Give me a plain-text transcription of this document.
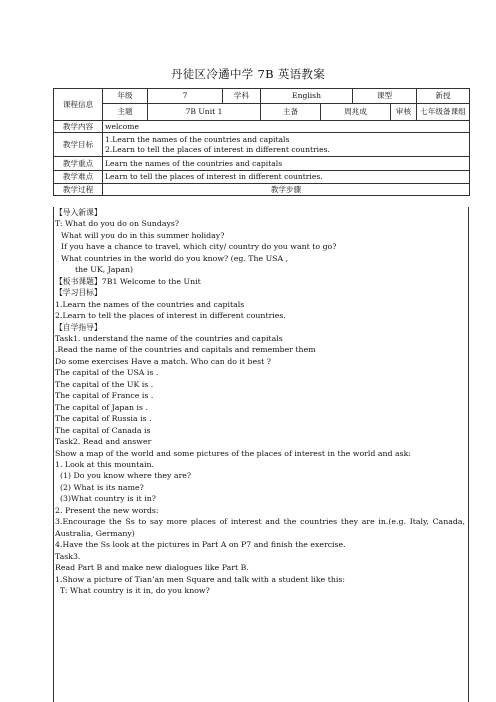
丹徒区冷遹中学 7B 英语教案
课程信息	年级	7	学科	English		课型		新授
	主题	7B Unit 1		主备	周兆成		审核	七年级备课组
教学内容	welcome							
教学目标	1.Learn the names of the countries and capitals
2.Learn to tell the places of interest in different countries.							

教学重点	Learn the names of the countries and capitals							
教学难点	Learn to tell the places of interest in different countries.							
教学过程	教学步骤							
【导入新课】
T: What do you do on Sundays?
What will you do in this summer holiday?
If you have a chance to travel, which city/ country do you want to go?
What countries in the world do you know? (eg. The USA ,
the UK, Japan)
【板书课题】7B1 Welcome to the Unit
【学习目标】
1.Learn the names of the countries and capitals
2.Learn to tell the places of interest in different countries.
【自学指导】
Task1. understand the name of the countries and capitals
.Read the name of the countries and capitals and remember them
Do some exercises Have a match. Who can do it best ?
The capital of the USA is .
The capital of the UK is .
The capital of France is .
The capital of Japan is .
The capital of Russia is .
The capital of Canada is
Task2. Read and answer
Show a map of the world and some pictures of the places of interest in the world and ask:
1. Look at this mountain.
(1) Do you know where they are?
(2) What is its name?
(3)What country is it in?
2. Present the new words:
3.Encourage the Ss to say more places of interest and the countries they are in.(e.g. Italy, Canada, Australia, Germany)
4.Have the Ss look at the pictures in Part A on P7 and finish the exercise.
Task3.
Read Part B and make new dialogues like Part B.
1.Show a picture of Tian’an men Square and talk with a student like this:
T: What country is it in, do you know?
